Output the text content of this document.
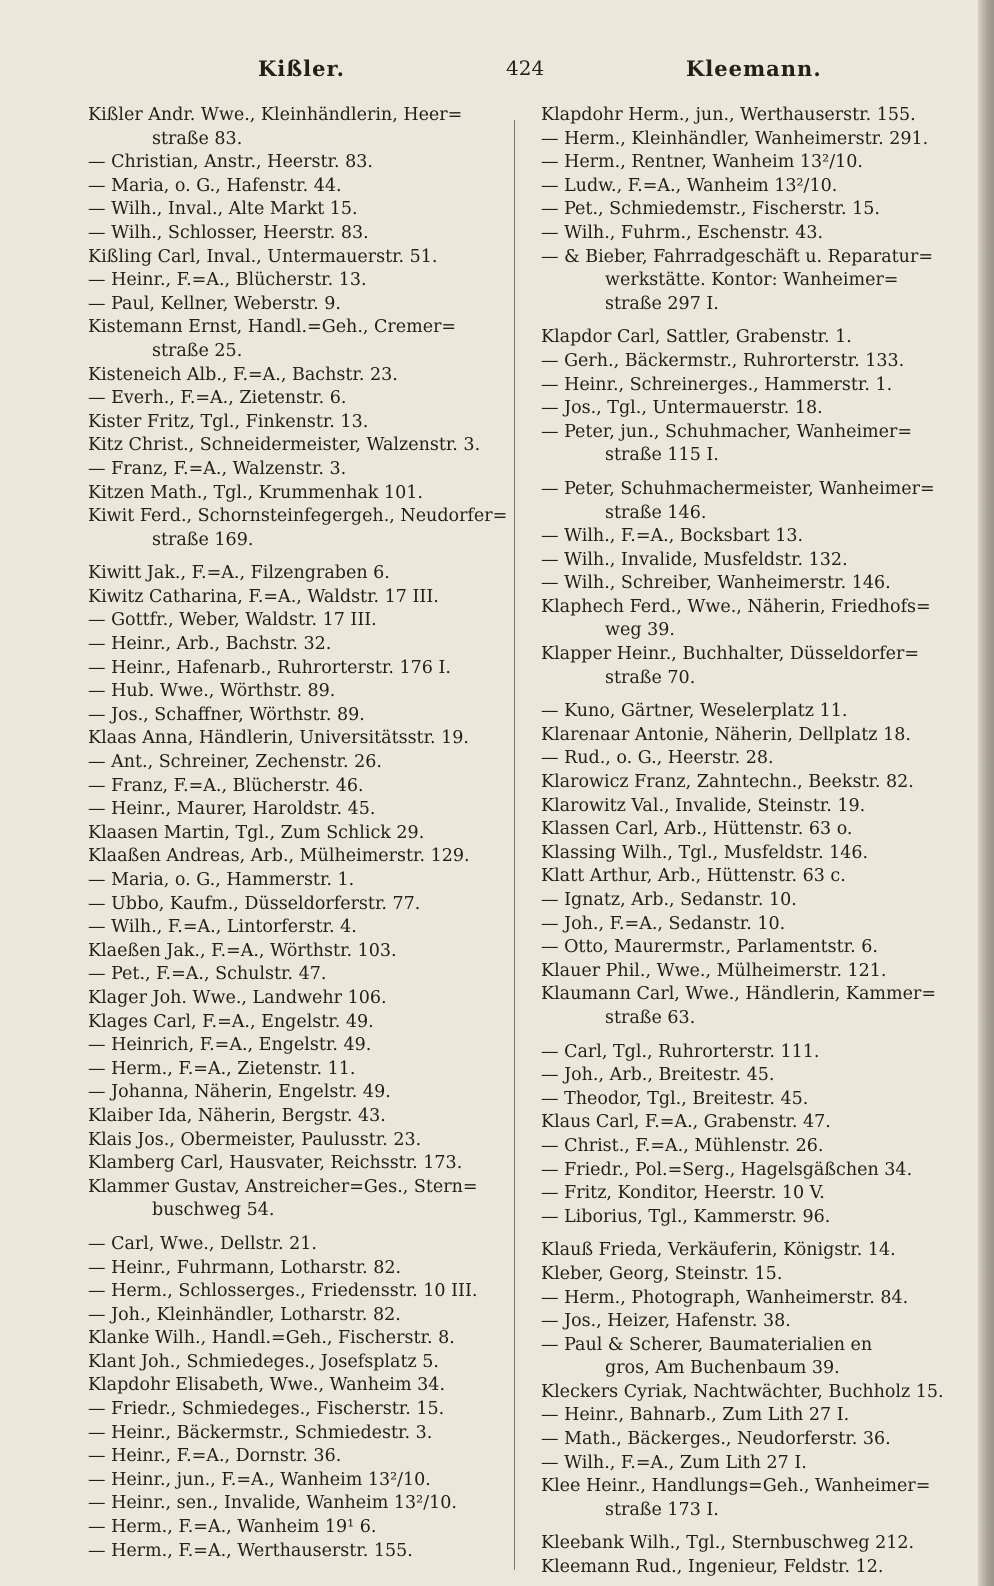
Kißler.	424	Kleemann.
Kißler Andr. Wwe., Kleinhändlerin, Heer=
straße 83.
— Christian, Anstr., Heerstr. 83.
— Maria, o. G., Hafenstr. 44.
— Wilh., Inval., Alte Markt 15.
— Wilh., Schlosser, Heerstr. 83.
Kißling Carl, Inval., Untermauerstr. 51.
— Heinr., F.=A., Blücherstr. 13.
— Paul, Kellner, Weberstr. 9.
Kistemann Ernst, Handl.=Geh., Cremer=
straße 25.
Kisteneich Alb., F.=A., Bachstr. 23.
— Everh., F.=A., Zietenstr. 6.
Kister Fritz, Tgl., Finkenstr. 13.
Kitz Christ., Schneidermeister, Walzenstr. 3.
— Franz, F.=A., Walzenstr. 3.
Kitzen Math., Tgl., Krummenhak 101.
Kiwit Ferd., Schornsteinfegergeh., Neudorfer=
straße 169.
Kiwitt Jak., F.=A., Filzengraben 6.
Kiwitz Catharina, F.=A., Waldstr. 17 III.
— Gottfr., Weber, Waldstr. 17 III.
— Heinr., Arb., Bachstr. 32.
— Heinr., Hafenarb., Ruhrorterstr. 176 I.
— Hub. Wwe., Wörthstr. 89.
— Jos., Schaffner, Wörthstr. 89.
Klaas Anna, Händlerin, Universitätsstr. 19.
— Ant., Schreiner, Zechenstr. 26.
— Franz, F.=A., Blücherstr. 46.
— Heinr., Maurer, Haroldstr. 45.
Klaasen Martin, Tgl., Zum Schlick 29.
Klaaßen Andreas, Arb., Mülheimerstr. 129.
— Maria, o. G., Hammerstr. 1.
— Ubbo, Kaufm., Düsseldorferstr. 77.
— Wilh., F.=A., Lintorferstr. 4.
Klaeßen Jak., F.=A., Wörthstr. 103.
— Pet., F.=A., Schulstr. 47.
Klager Joh. Wwe., Landwehr 106.
Klages Carl, F.=A., Engelstr. 49.
— Heinrich, F.=A., Engelstr. 49.
— Herm., F.=A., Zietenstr. 11.
— Johanna, Näherin, Engelstr. 49.
Klaiber Ida, Näherin, Bergstr. 43.
Klais Jos., Obermeister, Paulusstr. 23.
Klamberg Carl, Hausvater, Reichsstr. 173.
Klammer Gustav, Anstreicher=Ges., Stern=
buschweg 54.
— Carl, Wwe., Dellstr. 21.
— Heinr., Fuhrmann, Lotharstr. 82.
— Herm., Schlosserges., Friedensstr. 10 III.
— Joh., Kleinhändler, Lotharstr. 82.
Klanke Wilh., Handl.=Geh., Fischerstr. 8.
Klant Joh., Schmiedeges., Josefsplatz 5.
Klapdohr Elisabeth, Wwe., Wanheim 34.
— Friedr., Schmiedeges., Fischerstr. 15.
— Heinr., Bäckermstr., Schmiedestr. 3.
— Heinr., F.=A., Dornstr. 36.
— Heinr., jun., F.=A., Wanheim 13²/10.
— Heinr., sen., Invalide, Wanheim 13²/10.
— Herm., F.=A., Wanheim 19¹ 6.
— Herm., F.=A., Werthauserstr. 155.
Klapdohr Herm., jun., Werthauserstr. 155.
— Herm., Kleinhändler, Wanheimerstr. 291.
— Herm., Rentner, Wanheim 13²/10.
— Ludw., F.=A., Wanheim 13²/10.
— Pet., Schmiedemstr., Fischerstr. 15.
— Wilh., Fuhrm., Eschenstr. 43.
— & Bieber, Fahrradgeschäft u. Reparatur=
werkstätte. Kontor: Wanheimer=
straße 297 I.
Klapdor Carl, Sattler, Grabenstr. 1.
— Gerh., Bäckermstr., Ruhrorterstr. 133.
— Heinr., Schreinerges., Hammerstr. 1.
— Jos., Tgl., Untermauerstr. 18.
— Peter, jun., Schuhmacher, Wanheimer=
straße 115 I.
— Peter, Schuhmachermeister, Wanheimer=
straße 146.
— Wilh., F.=A., Bocksbart 13.
— Wilh., Invalide, Musfeldstr. 132.
— Wilh., Schreiber, Wanheimerstr. 146.
Klaphech Ferd., Wwe., Näherin, Friedhofs=
weg 39.
Klapper Heinr., Buchhalter, Düsseldorfer=
straße 70.
— Kuno, Gärtner, Weselerplatz 11.
Klarenaar Antonie, Näherin, Dellplatz 18.
— Rud., o. G., Heerstr. 28.
Klarowicz Franz, Zahntechn., Beekstr. 82.
Klarowitz Val., Invalide, Steinstr. 19.
Klassen Carl, Arb., Hüttenstr. 63 o.
Klassing Wilh., Tgl., Musfeldstr. 146.
Klatt Arthur, Arb., Hüttenstr. 63 c.
— Ignatz, Arb., Sedanstr. 10.
— Joh., F.=A., Sedanstr. 10.
— Otto, Maurermstr., Parlamentstr. 6.
Klauer Phil., Wwe., Mülheimerstr. 121.
Klaumann Carl, Wwe., Händlerin, Kammer=
straße 63.
— Carl, Tgl., Ruhrorterstr. 111.
— Joh., Arb., Breitestr. 45.
— Theodor, Tgl., Breitestr. 45.
Klaus Carl, F.=A., Grabenstr. 47.
— Christ., F.=A., Mühlenstr. 26.
— Friedr., Pol.=Serg., Hagelsgäßchen 34.
— Fritz, Konditor, Heerstr. 10 V.
— Liborius, Tgl., Kammerstr. 96.
Klauß Frieda, Verkäuferin, Königstr. 14.
Kleber, Georg, Steinstr. 15.
— Herm., Photograph, Wanheimerstr. 84.
— Jos., Heizer, Hafenstr. 38.
— Paul & Scherer, Baumaterialien en
gros, Am Buchenbaum 39.
Kleckers Cyriak, Nachtwächter, Buchholz 15.
— Heinr., Bahnarb., Zum Lith 27 I.
— Math., Bäckerges., Neudorferstr. 36.
— Wilh., F.=A., Zum Lith 27 I.
Klee Heinr., Handlungs=Geh., Wanheimer=
straße 173 I.
Kleebank Wilh., Tgl., Sternbuschweg 212.
Kleemann Rud., Ingenieur, Feldstr. 12.
